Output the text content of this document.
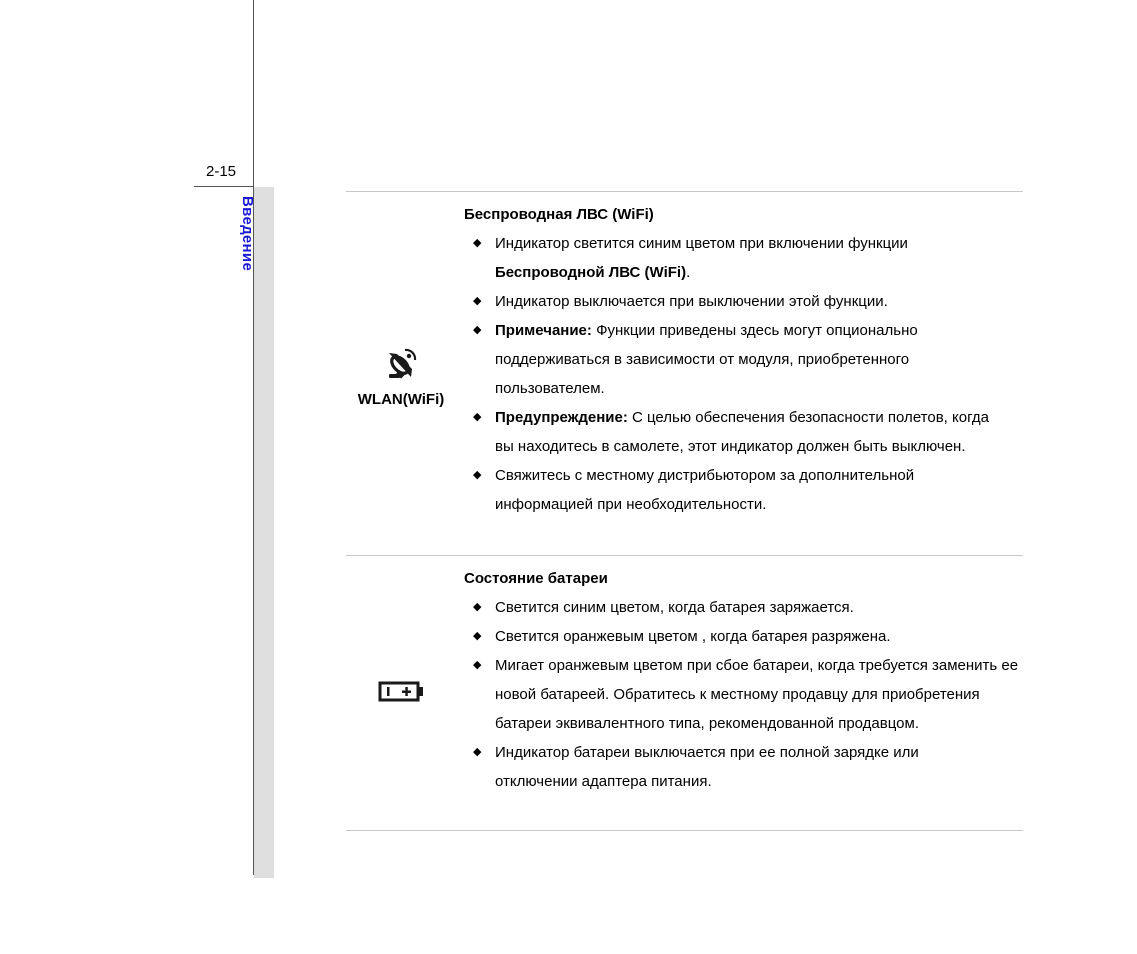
2-15
Введение
WLAN(WiFi)
Беспроводная ЛВС (WiFi)
◆ Индикатор светится синим цветом при включении функции
Беспроводной ЛВС (WiFi).
◆ Индикатор выключается при выключении этой функции.
◆ Примечание: Функции приведены здесь могут опционально поддерживаться в зависимости от модуля, приобретенного пользователем.
◆ Предупреждение: С целью обеспечения безопасности полетов, когда вы находитесь в самолете, этот индикатор должен быть выключен.
◆ Свяжитесь с местному дистрибьютором за дополнительной информацией при необходительности.
Состояние батареи
◆ Светится синим цветом, когда батарея заряжается.
◆ Светится оранжевым цветом , когда батарея разряжена.
◆ Мигает оранжевым цветом при сбое батареи, когда требуется заменить ее новой батареей. Обратитесь к местному продавцу для приобретения батареи эквивалентного типа, рекомендованной продавцом.
◆ Индикатор батареи выключается при ее полной зарядке или отключении адаптера питания.
